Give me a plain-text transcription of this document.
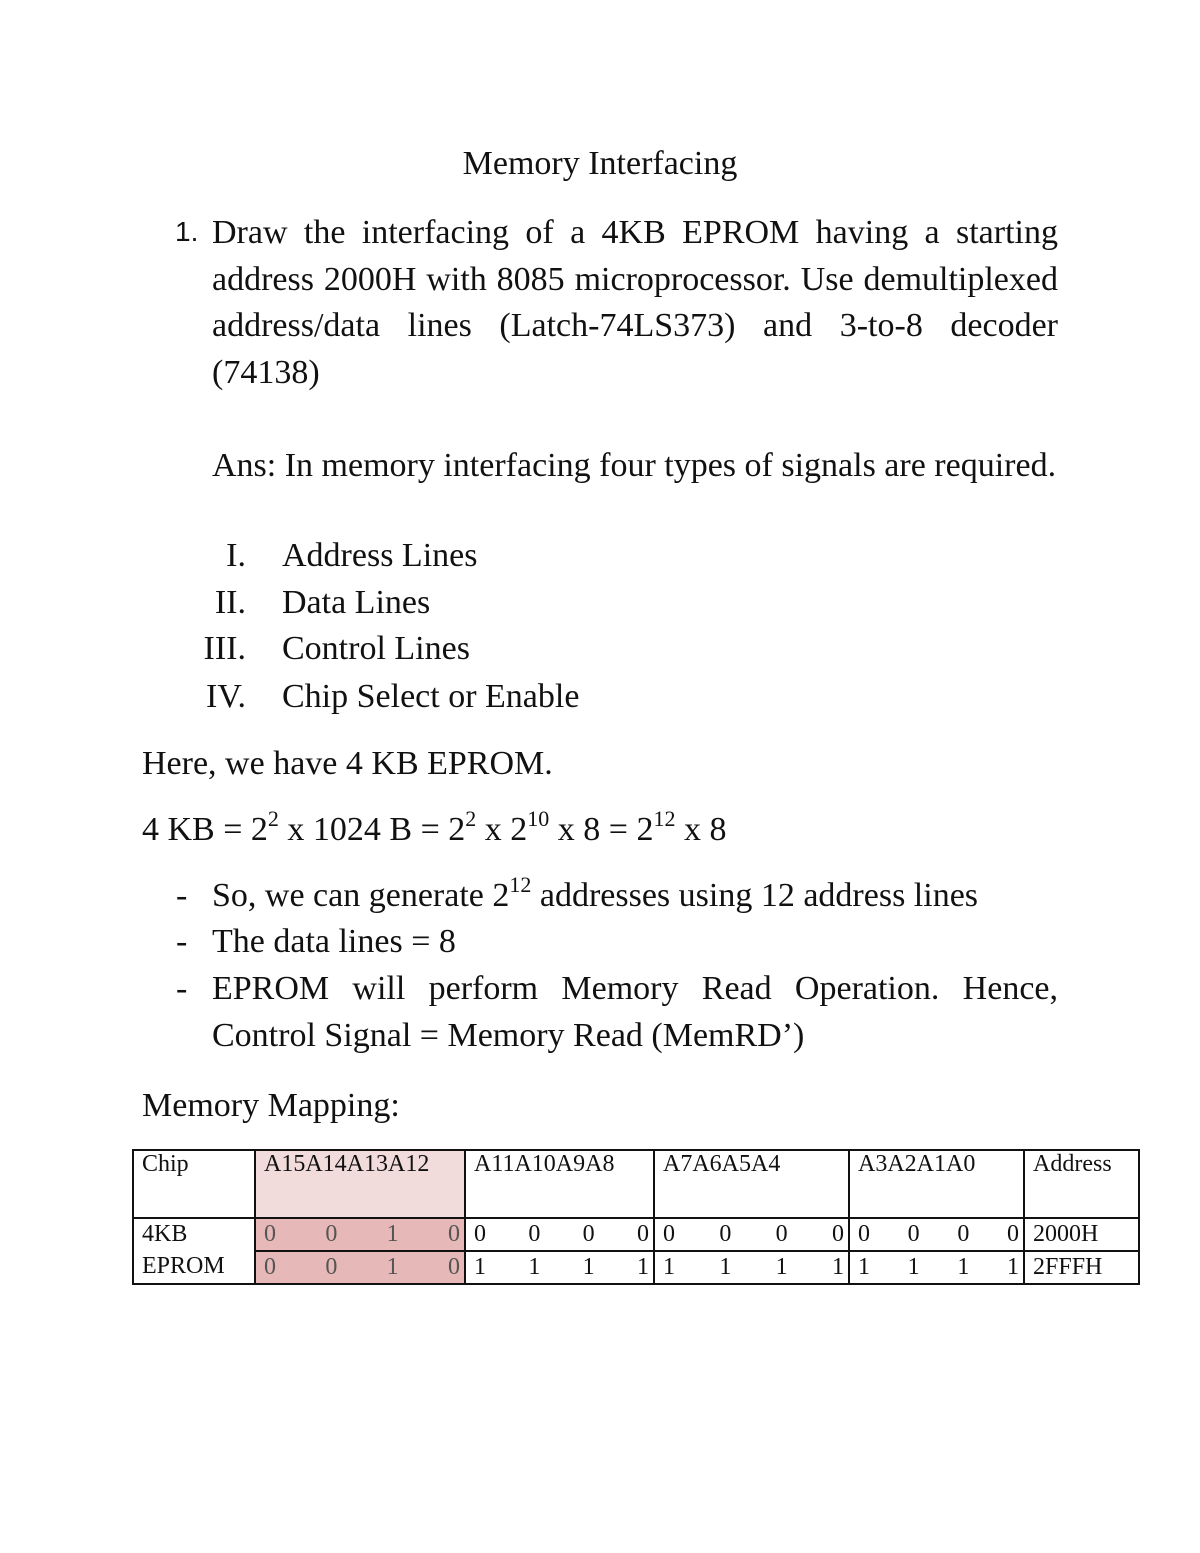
Memory Interfacing
1. Draw the interfacing of a 4KB EPROM having a starting address 2000H with 8085 microprocessor. Use demultiplexed address/data lines (Latch-74LS373) and 3-to-8 decoder (74138)

Ans: In memory interfacing four types of signals are required.

I. Address Lines
II. Data Lines
III. Control Lines
IV. Chip Select or Enable
Here, we have 4 KB EPROM.
4 KB = $2^2$ x 1024 $B = 2^2$ x $2^{10}$ x $8 = 2^{12}$ x 8
- So, we can generate $2^{12}$ addresses using 12 address lines
- The data lines = 8
- EPROM will perform Memory Read Operation. Hence, Control Signal = Memory Read (MemRD’)

Memory Mapping:
Chip	A15A14A13A12	A11A10A9A8	A7A6A5A4	A3A2A1A0	Address
4KB	0 0 1 0	0 0 0 0	0 0 0 0	0 0 0 0	2000H
EPROM	0 0 1 0	1 1 1 1	1 1 1 1	1 1 1 1	2FFFH
